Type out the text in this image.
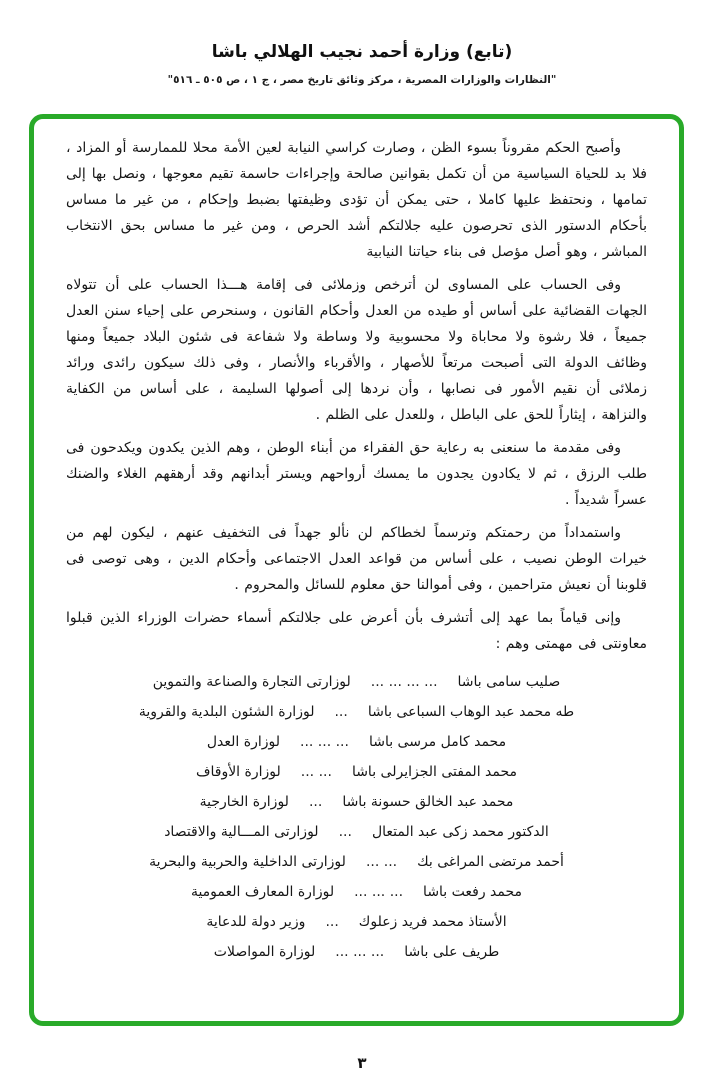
(تابع) وزارة أحمد نجيب الهلالي باشا
"النظارات والوزارات المصرية ، مركز وثائق تاريخ مصر ، ج ١ ، ص ٥٠٥ ـ ٥١٦"
وأصبح الحكم مقروناً بسوء الظن ، وصارت كراسي النيابة لعين الأمة محلا للممارسة أو المزاد ، فلا بد للحياة السياسية من أن تكمل بقوانين صالحة وإجراءات حاسمة تقيم معوجها ، ونصل بها إلى تمامها ، ونحتفظ عليها كاملا ، حتى يمكن أن تؤدى وظيفتها بضبط وإحكام ، من غير ما مساس بأحكام الدستور الذى تحرصون عليه جلالتكم أشد الحرص ، ومن غير ما مساس بحق الانتخاب المباشر ، وهو أصل مؤصل فى بناء حياتنا النيابية
وفى الحساب على المساوى لن أترخص وزملائى فى إقامة هـــذا الحساب على أن تتولاه الجهات القضائية على أساس أو طيده من العدل وأحكام القانون ، وسنحرص على إحياء سنن العدل جميعاً ، فلا رشوة ولا محاباة ولا محسوبية ولا وساطة ولا شفاعة فى شئون البلاد جميعاً ومنها وظائف الدولة التى أصبحت مرتعاً للأصهار ، والأقرباء والأنصار ، وفى ذلك سيكون رائدى ورائد زملائى أن نقيم الأمور فى نصابها ، وأن نردها إلى أصولها السليمة ، على أساس من الكفاية والنزاهة ، إيثاراً للحق على الباطل ، وللعدل على الظلم .
وفى مقدمة ما سنعنى به رعاية حق الفقراء من أبناء الوطن ، وهم الذين يكدون ويكدحون فى طلب الرزق ، ثم لا يكادون يجدون ما يمسك أرواحهم ويستر أبدانهم وقد أرهقهم الغلاء والضنك عسراً شديداً .
واستمداداً من رحمتكم وترسماً لخطاكم لن نألو جهداً فى التخفيف عنهم ، ليكون لهم من خيرات الوطن نصيب ، على أساس من قواعد العدل الاجتماعى وأحكام الدين ، وهى توصى فى قلوبنا أن نعيش متراحمين ، وفى أموالنا حق معلوم للسائل والمحروم .
وإنى قياماً بما عهد إلى أتشرف بأن أعرض على جلالتكم أسماء حضرات الوزراء الذين قبلوا معاونتى فى مهمتى وهم :
صليب سامى باشا... ... ... ...لوزارتى التجارة والصناعة والتموين
طه محمد عبد الوهاب السباعى باشا...لوزارة الشئون البلدية والقروية
محمد كامل مرسى باشا... ... ...لوزارة العدل
محمد المفتى الجزايرلى باشا... ...لوزارة الأوقاف
محمد عبد الخالق حسونة باشا...لوزارة الخارجية
الدكتور محمد زكى عبد المتعال...لوزارتى المـــالية والاقتصاد
أحمد مرتضى المراغى بك... ...لوزارتى الداخلية والحربية والبحرية
محمد رفعت باشا... ... ...لوزارة المعارف العمومية
الأستاذ محمد فريد زعلوك...وزير دولة للدعاية
طريف على باشا... ... ...لوزارة المواصلات
٣
